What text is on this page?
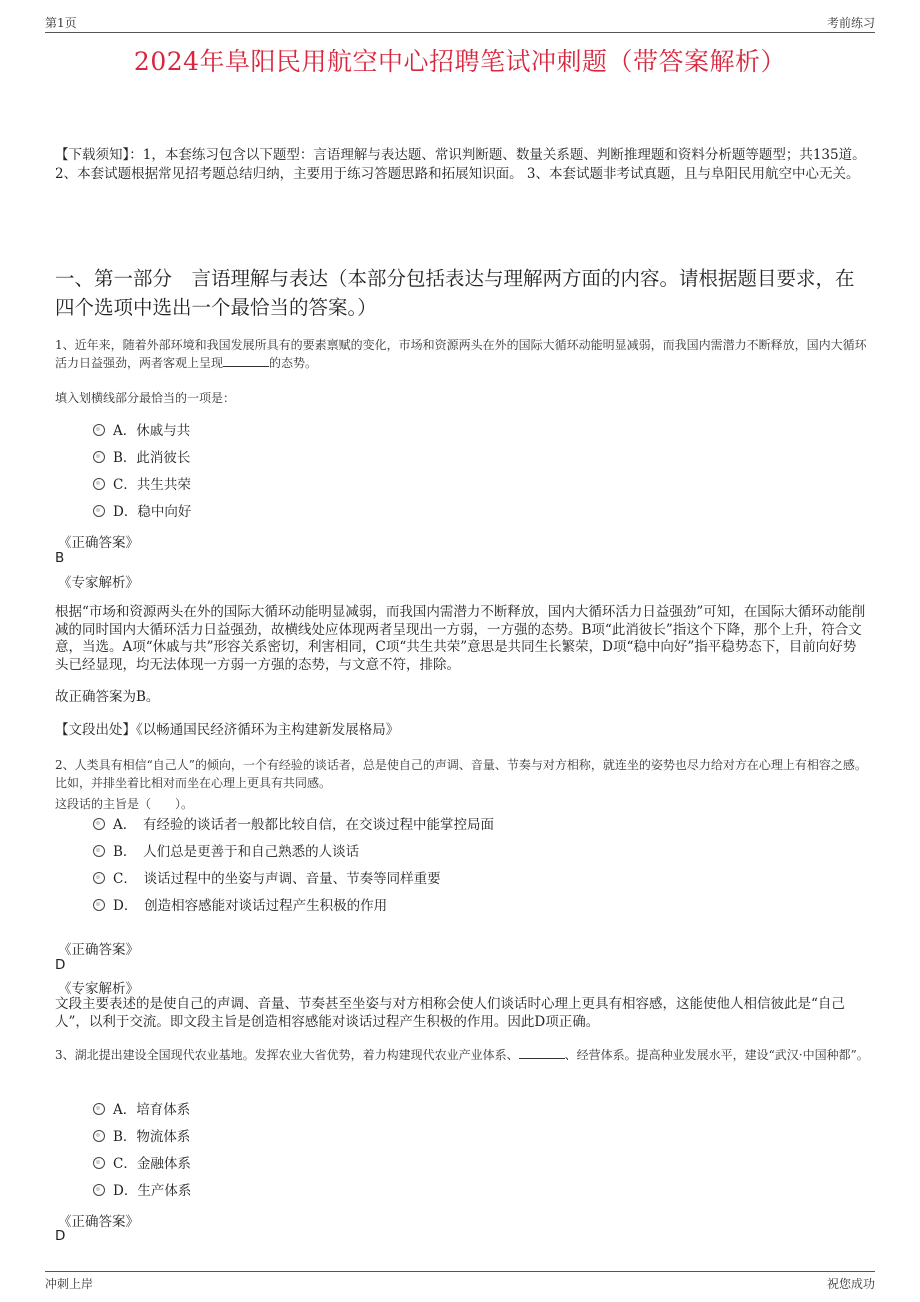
第1页	考前练习
2024年阜阳民用航空中心招聘笔试冲刺题（带答案解析）
【下载须知】：1，本套练习包含以下题型：言语理解与表达题、常识判断题、数量关系题、判断推理题和资料分析题等题型；共135道。 2、本套试题根据常见招考题总结归纳，主要用于练习答题思路和拓展知识面。 3、本套试题非考试真题，且与阜阳民用航空中心无关。
一、第一部分　言语理解与表达（本部分包括表达与理解两方面的内容。请根据题目要求，在四个选项中选出一个最恰当的答案。）
1、近年来，随着外部环境和我国发展所具有的要素禀赋的变化，市场和资源两头在外的国际大循环动能明显减弱，而我国内需潜力不断释放，国内大循环活力日益强劲，两者客观上呈现	的态势。
填入划横线部分最恰当的一项是：
A．休戚与共
B．此消彼长
C．共生共荣
D．稳中向好
《正确答案》
B
《专家解析》
根据“市场和资源两头在外的国际大循环动能明显减弱，而我国内需潜力不断释放，国内大循环活力日益强劲”可知，在国际大循环动能削减的同时国内大循环活力日益强劲，故横线处应体现两者呈现出一方弱，一方强的态势。B项“此消彼长”指这个下降，那个上升，符合文意，当选。A项“休戚与共”形容关系密切，利害相同，C项“共生共荣”意思是共同生长繁荣，D项“稳中向好”指平稳势态下，目前向好势头已经显现，均无法体现一方弱一方强的态势，与文意不符，排除。
故正确答案为B。
【文段出处】《以畅通国民经济循环为主构建新发展格局》
2、人类具有相信“自己人”的倾向，一个有经验的谈话者，总是使自己的声调、音量、节奏与对方相称，就连坐的姿势也尽力给对方在心理上有相容之感。比如，并排坐着比相对而坐在心理上更具有共同感。
这段话的主旨是（　　）。
A．　有经验的谈话者一般都比较自信，在交谈过程中能掌控局面
B．　人们总是更善于和自己熟悉的人谈话
C．　谈话过程中的坐姿与声调、音量、节奏等同样重要
D．　创造相容感能对谈话过程产生积极的作用
《正确答案》
D
《专家解析》
文段主要表述的是使自己的声调、音量、节奏甚至坐姿与对方相称会使人们谈话时心理上更具有相容感，这能使他人相信彼此是“自己人”，以利于交流。即文段主旨是创造相容感能对谈话过程产生积极的作用。因此D项正确。
3、湖北提出建设全国现代农业基地。发挥农业大省优势，着力构建现代农业产业体系、	、经营体系。提高种业发展水平，建设“武汉·中国种都”。
A．培育体系
B．物流体系
C．金融体系
D．生产体系
《正确答案》
D
冲刺上岸	祝您成功
